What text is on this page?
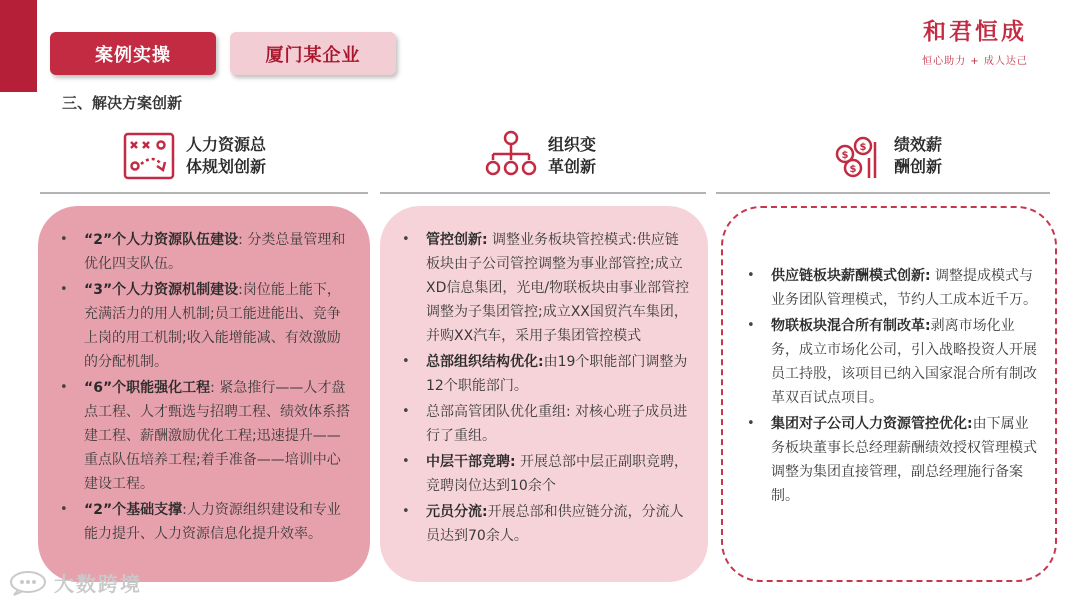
案例实操	厦门某企业
和君恒成
恒心助力 + 成人达己
三、解决方案创新
人力资源总
体规划创新
组织变
革创新
$
$
$
绩效薪
酬创新
• “2”个人力资源队伍建设: 分类总量管理和优化四支队伍。
• “3”个人力资源机制建设:岗位能上能下，充满活力的用人机制;员工能进能出、竞争上岗的用工机制;收入能增能减、有效激励的分配机制。
• “6”个职能强化工程: 紧急推行——人才盘点工程、人才甄选与招聘工程、绩效体系搭建工程、薪酬激励优化工程;迅速提升——重点队伍培养工程;着手准备——培训中心建设工程。
• “2”个基础支撑:人力资源组织建设和专业能力提升、人力资源信息化提升效率。
• 管控创新: 调整业务板块管控模式:供应链板块由子公司管控调整为事业部管控;成立XD信息集团，光电/物联板块由事业部管控调整为子集团管控;成立XX国贸汽车集团，并购XX汽车，采用子集团管控模式
• 总部组织结构优化:由19个职能部门调整为12个职能部门。
• 总部高管团队优化重组: 对核心班子成员进行了重组。
• 中层干部竞聘: 开展总部中层正副职竞聘，竞聘岗位达到10余个
• 元员分流:开展总部和供应链分流，分流人员达到70余人。
• 供应链板块薪酬模式创新: 调整提成模式与业务团队管理模式，节约人工成本近千万。
• 物联板块混合所有制改革:剥离市场化业务，成立市场化公司，引入战略投资人开展员工持股，该项目已纳入国家混合所有制改革双百试点项目。
• 集团对子公司人力资源管控优化:由下属业务板块董事长总经理薪酬绩效授权管理模式调整为集团直接管理，副总经理施行备案制。
大数跨境
